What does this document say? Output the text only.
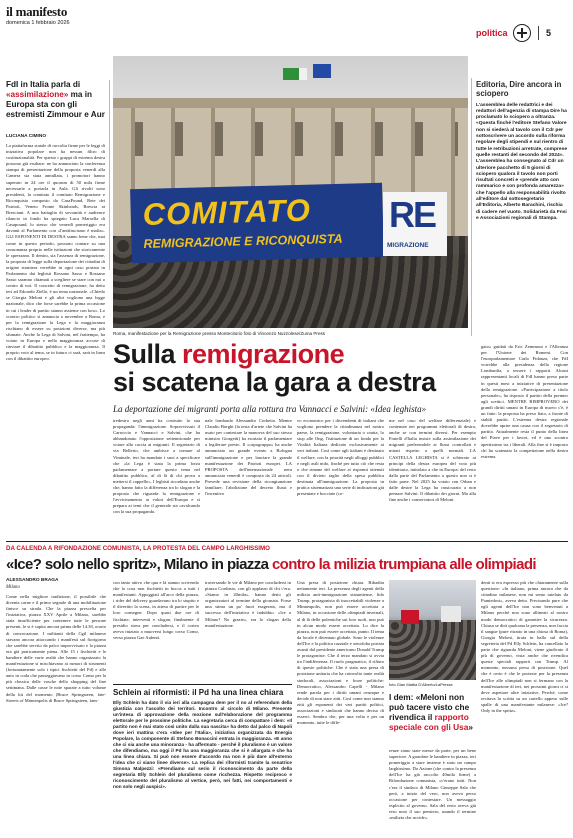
il manifesto
domenica 1 febbraio 2026
politica	5
FdI in Italia parla di «assimilazione» ma in Europa sta con gli estremisti Zimmour e Aur
LUCIANA CIMINO
La piattaforma statale di raccolta firme per le leggi di iniziativa popolare non ha nessun filtro di costituzionalità. Per questo i gruppi di estrema destra possono già esultare: ne ha annunciato la conferenza stampa di presentazione della proposta venerdì alla Camera sia stata annullata, i promotori hanno superato in 24 ore il quorum di 50 mila firme necessarie a portarla in Aula. Gli rivolti sono presidenti, la comitato il comitato Remigrazione e Riconquista composto da CasaPound, Rete dei Patrioti, Veneto Fronte Skinheads, Brescia ai Bresciani. A una battaglia di sovranità e audience rilancio in fondo ha spiegato Luca Marsella di Casapound, lo stesso che venerdì pomeriggio era davanti al Parlamento con «l'antifascismo è mafia». GLI ESPONENTI DI DESTRA sanno bene che, mai come in questo periodo, possono contare su una consonanza proprio nelle istituzioni che storicamente le sprezzano. Il dentro, sia l'assenza di remigrazione, la proposta di legge sulla deportazione dei cittadini di origine straniera verrebbe in ogni caso portata in Parlamento dai leghisti Rossano Sasso e Rossano Sasso saranno chiamati a scegliere se stare con noi o contro di noi. Il concetto di remigrazione, ha detto ieri ad Edoardo Ziello, è un tema nazionale. «Chiedo se Giorgia Meloni e gli altri vogliono una legge nazionale, dico che forse sarebbe la prima occasione in cui i leader di partito stanno assieme con loro». Lo scontro politico si annuncia a novembre a Roma, e per la remigrazione la Lega e la maggioranza rischiano di essere su posizioni diverse, ma più sfumate. Anche la Lega di Salvini, nel frattempo, ha votato in Europa e nella maggioranza accuse di rinviare il dibattito pubblico e la maggioranza. Il proprio voto al tema, se in futuro ci sarà, sarà in linea con il dibattito europeo.
COMITATO
REMIGRAZIONE E RICONQUISTA
RE
MIGRAZIONE
Roma, manifestazione per la Remigrazione presso Montecitorio foto di Vincenzo Nuzzolese/Zuma Press
Editoria, Dire ancora in sciopero
L'assemblea delle redattrici e dei redattori dell'agenzia di stampa Dire ha proclamato lo sciopero a oltranza. «Questa finché l'editore Stefano Valore non si siederà al tavolo con il Cdr per sottoscrivere un accordo sulla riforma regolare degli stipendi e sul rientro di tutte le retribuzioni arretrate, comprese quelle restanti del secondo del 2024». L'assemblea ha consegnato al Cdr un ulteriore pacchetto di 5 giorni di sciopero qualora il tavolo non porti risultati concreti e «prende atto con rammarico e con profonda amarezza» che l'appello alla responsabilità rivolto all'editore dal sottosegretario all'Editoria, Alberto Barachini, rischia di cadere nel vuoto. Solidarietà da Fnsi e Associazioni regionali di Stampa.
Sulla remigrazione
si scatena la gara a destra
La deportazione dei migranti porta alla rottura tra Vannacci e Salvini: «Idea leghista»
tredestra negli anni ha costruito la sua propaganda: l'immigrazione. Sopravvissuti il Carroccio e Vannacci e Salvini, che ha abbandonato l'opposizione settentrionale per votare alla caccia ai migranti. Il segretario di via Bellerio, che ambisce a tornare al Viminale, ieri ha mandato i suoi a specificare che «la Lega è stata la prima forza parlamentare a portare questo tema nel dibattito pubblico, al di là di chi prova a mettersi il cappello». I leghisti ricordano anche che, hanno fatto la differenza tra lo slogan e la proposta che riguarda la remigrazione e l'avvicinamento ai valori dell'Europa e si prepara ai temi che il generale sta cavalcando con la sua propaganda.
nale lombardo Alessandro Corbetta. Mentre Claudio Borghi (la testa d'ariete che Salvini ha usato per contestare la manovra del suo stesso ministro Giorgetti) ha esortato il parlamentare a legiferare presto. Il «capogruppo» ha anche annunciato un grande evento a Bologna sull'immigrazione e per lanciare la grande manifestazione dei Patrioti europei. LA PROPOSTA dell'internazionale nera annunciata venerdì è composta da 24 articoli. Prevede una revisione della ricongiunzione familiare, l'abolizione del decreto flussi e l'incentivo
vo economico per i discendenti di italiani che vogliono prendere la cittadinanza nel nostro paese, la remigrazione, volontaria o coatta, lo stop alle Ong, l'istituzione di un fondo per la Vitalità Italiana dedicato esclusivamente ai veri italiani. Così come agli italiani è destinato il welfare, con la priorità negli alloggi pubblici e negli asili nido, finché per tutto ciò che resta o che rimane del welfare ai risparmi ottenuti con il divieto taglio della spesa pubblica destinata all'immigrazione. La proposta in pratica sistematizza una serie di indicazioni già presentate e bocciate (co-
me nel caso del welfare differenziale) e contenute nei programmi elettorali di destra, anche se con termini diversi. Per esempio Fratelli d'Italia insiste sulla assimilazione dei migranti preferendole ai flussi controllati e mirati rispetto a quelli normali. LA CASTELLA LEGHISTA si è schierato ai principi della destra europea del voto più identitario, intitolato a che in Europa: del resto dalla parte del Parlamento a questo non si è fatto parte. Nel 2025 ha votato con Orban e dalle destre la Lega ha rassicurato a non pensare Salvini. Il dibattito dei giorni. Ma alla fine anche i conservatori di Meloni.
gato» guidati da Eric Zemmour e l'Alleanza per l'Unione dei Romeni. Con l'europarlamentare Carlo Fidanza, che FdI vorrebbe alla presidenza della regione Lombardia, a tessere i rapporti. Alcuni rappresentanti locali di FdI hanno preso parte in questi mesi a iniziative di presentazione della remigrazione. «Partecipazione a titolo personale», ha risposto il partito della premier agli scettici. MENTRE RIMPROVERO dei grandi diritti umani in Europa di nuovo c'è, è un fatto: la proposta ha preso fiato, a fronte di stabili partiti. L'estrema destra regionale dovrebbe aprire una causa con il segretario di partito. Attualmente resta il punto della linea del Piave per i lavori, ed è uno scontro apertissimo tra i liberali. Alla fine si è imposto chi ha scatenato la competizione nella destra estrema.
DA CALENDA A RIFONDAZIONE COMUNISTA, LA PROTESTA DEL CAMPO LARGHISSIMO
«Ice? solo nello spritz», Milano in piazza contro la milizia trumpiana alle olimpiadi
ALESSANDRO BRAGA
Milano
Come nella migliore tradizione, il possibile che diventa carne e il primo segnale di una mobilitazione finisce su strada. Che la piazza prescelta per l'iniziativa, piazza XXV Aprile a Milano, sarebbe stata insufficiente per contenere tutte le persone presenti, le si è capito ancora prima delle 14.30, orario di convocazione. I militanti della Cgil milanese stavano ancora attaccando i manifesti sul fiorigorno che sarebbe servito da palco improvvisato e la piazza era già praticamente piena. Alle 15 i fischietti e le bandiere delle varie realtà che hanno organizzato la manifestazione si mischiavano ai rumori di strumenti (fortunatamente solo i tipici fischietti del Pd) e alle auto in coda che passeggiavano in corso Como per la più classica delle vasche dello shopping del fine settimana. Dalle casse le note sparate a tutto volume della hit del momento (Bruce Springsteen, fate- Streets of Minneapolis di Bruce Springsteen, fans-
con tanto attivo che qua e là stanno scrivendo che la cosa non fischietti in bocca a tutti i manifestanti. Appoggiati all'arco della piazza, i rider del delivery guardavano tra lo stupito e il divertito la scena, in attesa di partire per le loro consegne. Dopo quasi due ore di fischiate, interventi e slogan, finalmente il presidio stava per concludersi, e il corteo aveva iniziato a muoversi lungo corso Como, verso piazza Gae Aulenti.
traversando le vie di Milano per concludersi in piazza Cordusio, con gli applausi di chi c'era. «Siamo in 20mila», hanno detto gli organizzatori al termine della giornata. Forse una stima un po' fuori esagerata, ma il successo dell'iniziativa è indubbio. «Ice a Milano? No grazie», era lo slogan della manifestazione.
Una presa di posizione chiara. Ribadita nettamente ieri. La presenza degli agenti della milizia anti-immigrazione statunitense, fido Trump, protagonista di inaccettabili violenze a Minneapolis, non può essere accettata a Milano, in occasione delle olimpiadi invernali, al di là delle polemiche sui loro ruoli, non può in alcun modo essere accettata. Lo dice la piazza, non può essere accettata, punto. Il tema da locale è diventato globale. Sono le violenze dell'Ice e la politica razziale e xenofoba portata avanti dal presidente americano Donald Trump le protagoniste. Che il terzo mandato si avvia tra l'indifferenza. Il ruolo pragmatico, il rifiuto di queste politiche. Che è stata una presa di posizione unitaria che ha coinvolto tante realtà sindacali, associazioni e forze politiche: Democratico, Alessandro Capelli - Milano rende parola per i diritti umani ovunque e decide di non stare zitti. Così come non stanno zitti gli esponenti dei vari partiti politici, associazioni e sindacati che hanno deciso di esserci. Sembra che, per una volta e per un momento, tutte le diffe-
renze siano state messe da parte, per un bene superiore. A guardare le bandiere in piazza, ieri pomeriggio a stare insieme è stato un campo larghissimo. Da Azione (che contro la presenza dell'Ice ha già raccolto 40mila firme) a Rifondazione comunista, «c'erano tutti. Non c'era il sindaco di Milano Giuseppe Sala che però, a inizio del vero, non aveva perso occasione per contestare. Un messaggio esplicito al governo. Sala del resto aveva già reso noto il suo pensiero, usando il termine «milizia che uccide».
denti si era espresso più che chiaramente sulla questione: «In italiano, prima ancora che da cittadino milanese, non mi sento tutelato da Piantedosi», aveva detto. Precisando pure che egli agenti dell'Ice non sono benvenuti a Milano perché non sono allineati al nostro modo democratico di garantire la sicurezza. Chiusa se dirà qualcuna la presenza, non faccia il sangue (pure ritratto in una chiosa di Roma), Giorgia Meloni, tirata in ballo sul della segreteria del Pd Elly Schlein, ha cancellato la parte che riguarda Meloni, viene giudicato il più di governo, vista anche che rivendica queste speciali rapporti con Trump. Al momento, nessuna presa di posizione. Quel che è certo è che le proteste per la presenza dell'Ice alle olimpiadi non si fermano con la manifestazione di ieri, nei prossimi giorni ci si deve aspettare altre iniziative, Perché, come recitava la scritta su un cartello appeso sulle spalle di una manifestante milanese: «Ice? Only in the spritz».
Schlein ai riformisti: il Pd ha una linea chiara
Elly Schlein ha dato il via ieri alla campagna dem per il no al referendum della giustizia con l'ascolto dei territori. Incontro al circolo di Milano. Presente un'intesa di approvazione della mozione sull'elaborazione del programma elettorale per le prossime politiche. La segretaria cerca di compattare i dem: «Il partito non è mai stato così unito dalla sua nascita» ha detto dal palco di Napoli dove ieri mattina c'era «Idee per l'Italia», iniziativa organizzata da Energia Popolare, la componente di Stefano Bonaccini entrata in maggioranza. «E anno che ci sia anche una minoranza - ha affermato - perché il pluralismo è un valore che difendiamo, ma oggi il Pd ha una maggioranza che si è allargata e che ha una linea chiara. Si può non essere d'accordo ma non è più dare all'esterno l'idea che ci siano linee diverse». La replica dei riformisti tramite la senatrice Simona Malpezzi: «Prendiamo sul serio il riconoscimento da parte della segretaria Elly Schlein del pluralismo come ricchezza. Rispetto reciproco e riconoscimento del pluralismo al vertice, però, nei fatti, nei comportamenti e non solo negli auspici».
foto Gian Mattia D'Alberto/LaPresse
I dem: «Meloni non può tacere visto che rivendica il rapporto speciale con gli Usa»
